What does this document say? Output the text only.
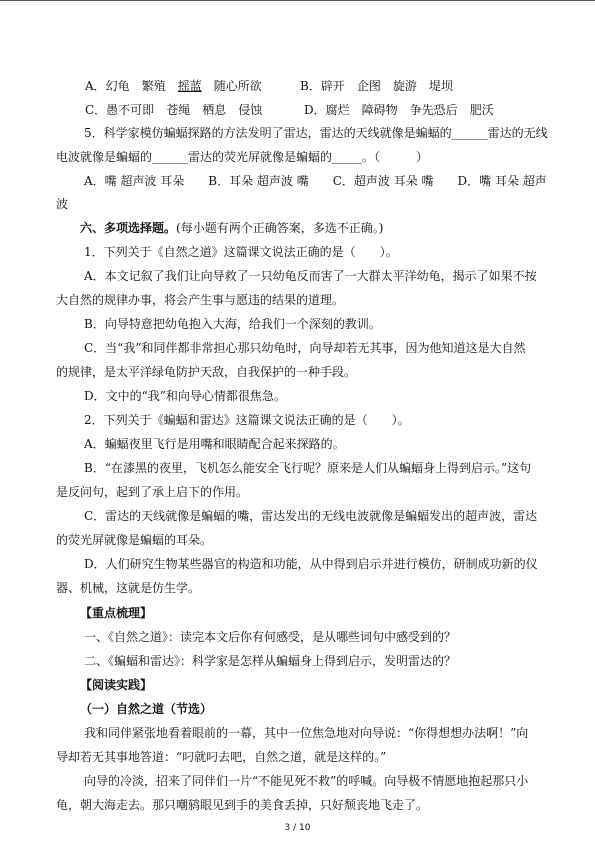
A．幻龟　 繁殖　 摇蓝　 随心所欲	B．辟开　 企图　 旋游　 堤坝
C．愚不可即　 苍绳　 栖息　 侵蚀	D．腐烂　 障碍物　 争先恐后　 肥沃
5．科学家模仿蝙蝠探路的方法发明了雷达，雷达的天线就像是蝙蝠的______雷达的无线
电波就像是蝙蝠的______雷达的荧光屏就像是蝙蝠的_____。（　　　）
A．嘴 超声波 耳朵　　B．耳朵 超声波 嘴　　C．超声波 耳朵 嘴　　D．嘴 耳朵 超声
波
六、多项选择题。(每小题有两个正确答案，多选不正确。)
1．下列关于《自然之道》这篇课文说法正确的是（　　）。
A．本文记叙了我们让向导救了一只幼龟反而害了一大群太平洋幼龟，揭示了如果不按
大自然的规律办事，将会产生事与愿违的结果的道理。
B．向导特意把幼龟抱入大海，给我们一个深刻的教训。
C．当“我”和同伴都非常担心那只幼龟时，向导却若无其事，因为他知道这是大自然
的规律，是太平洋绿龟防护天敌，自我保护的一种手段。
D．文中的“我”和向导心情都很焦急。
2．下列关于《蝙蝠和雷达》这篇课文说法正确的是（　　）。
A．蝙蝠夜里飞行是用嘴和眼睛配合起来探路的。
B．“在漆黑的夜里，飞机怎么能安全飞行呢？原来是人们从蝙蝠身上得到启示。”这句
是反问句，起到了承上启下的作用。
C．雷达的天线就像是蝙蝠的嘴，雷达发出的无线电波就像是蝙蝠发出的超声波，雷达
的荧光屏就像是蝙蝠的耳朵。
D．人们研究生物某些器官的构造和功能，从中得到启示并进行模仿，研制成功新的仪
器、机械，这就是仿生学。
【重点梳理】
一、《自然之道》：读完本文后你有何感受，是从哪些词句中感受到的？
二、《蝙蝠和雷达》：科学家是怎样从蝙蝠身上得到启示，发明雷达的？
【阅读实践】
（一）自然之道（节选）
我和同伴紧张地看着眼前的一幕，其中一位焦急地对向导说：“你得想想办法啊！”向
导却若无其事地答道：“叼就叼去吧，自然之道，就是这样的。”
向导的冷淡，招来了同伴们一片“不能见死不救”的呼喊。向导极不情愿地抱起那只小
龟，朝大海走去。那只嘲鸫眼见到手的美食丢掉，只好颓丧地飞走了。
3 / 10
